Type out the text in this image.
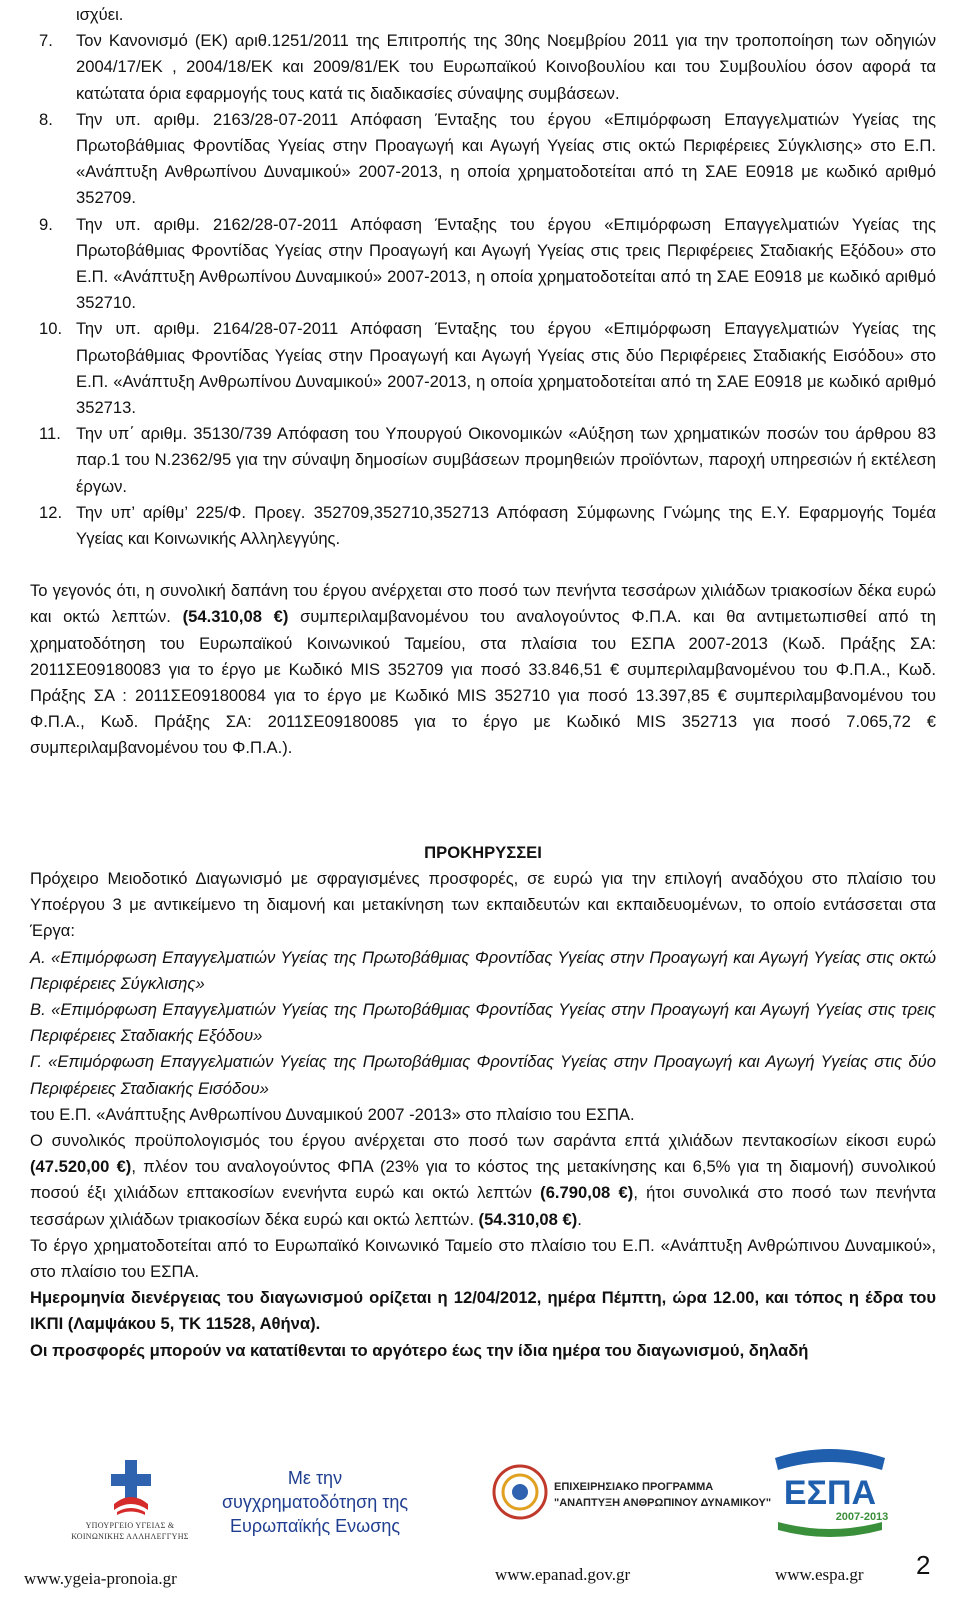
ισχύει.
7. Τον Κανονισμό (ΕΚ) αριθ.1251/2011 της Επιτροπής της 30ης Νοεμβρίου 2011 για την τροποποίηση των οδηγιών 2004/17/ΕΚ , 2004/18/ΕΚ και 2009/81/ΕΚ του Ευρωπαϊκού Κοινοβουλίου και του Συμβουλίου όσον αφορά τα κατώτατα όρια εφαρμογής τους κατά τις διαδικασίες σύναψης συμβάσεων.
8. Την υπ. αριθμ. 2163/28-07-2011 Απόφαση Ένταξης του έργου «Επιμόρφωση Επαγγελματιών Υγείας της Πρωτοβάθμιας Φροντίδας Υγείας στην Προαγωγή και Αγωγή Υγείας στις οκτώ Περιφέρειες Σύγκλισης» στο Ε.Π. «Ανάπτυξη Ανθρωπίνου Δυναμικού» 2007-2013, η οποία χρηματοδοτείται από τη ΣΑΕ Ε0918 με κωδικό αριθμό 352709.
9. Την υπ. αριθμ. 2162/28-07-2011 Απόφαση Ένταξης του έργου «Επιμόρφωση Επαγγελματιών Υγείας της Πρωτοβάθμιας Φροντίδας Υγείας στην Προαγωγή και Αγωγή Υγείας στις τρεις Περιφέρειες Σταδιακής Εξόδου» στο Ε.Π. «Ανάπτυξη Ανθρωπίνου Δυναμικού» 2007-2013, η οποία χρηματοδοτείται από τη ΣΑΕ Ε0918 με κωδικό αριθμό 352710.
10. Την υπ. αριθμ. 2164/28-07-2011 Απόφαση Ένταξης του έργου «Επιμόρφωση Επαγγελματιών Υγείας της Πρωτοβάθμιας Φροντίδας Υγείας στην Προαγωγή και Αγωγή Υγείας στις δύο Περιφέρειες Σταδιακής Εισόδου» στο Ε.Π. «Ανάπτυξη Ανθρωπίνου Δυναμικού» 2007-2013, η οποία χρηματοδοτείται από τη ΣΑΕ Ε0918 με κωδικό αριθμό 352713.
11. Την υπ΄ αριθμ. 35130/739 Απόφαση του Υπουργού Οικονομικών «Αύξηση των χρηματικών ποσών του άρθρου 83 παρ.1 του Ν.2362/95 για την σύναψη δημοσίων συμβάσεων προμηθειών προϊόντων, παροχή υπηρεσιών ή εκτέλεση έργων.
12. Την υπ’ αρίθμ’ 225/Φ. Προεγ. 352709,352710,352713 Απόφαση Σύμφωνης Γνώμης της Ε.Υ. Εφαρμογής Τομέα Υγείας και Κοινωνικής Αλληλεγγύης.

Το γεγονός ότι, η συνολική δαπάνη του έργου ανέρχεται στο ποσό των πενήντα τεσσάρων χιλιάδων τριακοσίων δέκα ευρώ και οκτώ λεπτών. (54.310,08 €) συμπεριλαμβανομένου του αναλογούντος Φ.Π.Α. και θα αντιμετωπισθεί από τη χρηματοδότηση του Ευρωπαϊκού Κοινωνικού Ταμείου, στα πλαίσια του ΕΣΠΑ 2007-2013 (Κωδ. Πράξης ΣΑ: 2011ΣΕ09180083 για το έργο με Κωδικό MIS 352709 για ποσό 33.846,51 € συμπεριλαμβανομένου του Φ.Π.Α., Κωδ. Πράξης ΣΑ : 2011ΣΕ09180084 για το έργο με Κωδικό MIS 352710 για ποσό 13.397,85 € συμπεριλαμβανομένου του Φ.Π.Α., Κωδ. Πράξης ΣΑ: 2011ΣΕ09180085 για το έργο με Κωδικό MIS 352713 για ποσό 7.065,72 € συμπεριλαμβανομένου του Φ.Π.Α.).

ΠΡΟΚΗΡΥΣΣΕΙ

Πρόχειρο Μειοδοτικό Διαγωνισμό με σφραγισμένες προσφορές, σε ευρώ για την επιλογή αναδόχου στο πλαίσιο του Υποέργου 3 με αντικείμενο τη διαμονή και μετακίνηση των εκπαιδευτών και εκπαιδευομένων, το οποίο εντάσσεται στα Έργα:

Α. «Επιμόρφωση Επαγγελματιών Υγείας της Πρωτοβάθμιας Φροντίδας Υγείας στην Προαγωγή και Αγωγή Υγείας στις οκτώ Περιφέρειες Σύγκλισης»

Β. «Επιμόρφωση Επαγγελματιών Υγείας της Πρωτοβάθμιας Φροντίδας Υγείας στην Προαγωγή και Αγωγή Υγείας στις τρεις Περιφέρειες Σταδιακής Εξόδου»

Γ. «Επιμόρφωση Επαγγελματιών Υγείας της Πρωτοβάθμιας Φροντίδας Υγείας στην Προαγωγή και Αγωγή Υγείας στις δύο Περιφέρειες Σταδιακής Εισόδου»

του Ε.Π. «Ανάπτυξης Ανθρωπίνου Δυναμικού 2007 -2013» στο πλαίσιο του ΕΣΠΑ.

Ο συνολικός προϋπολογισμός του έργου ανέρχεται στο ποσό των σαράντα επτά χιλιάδων πεντακοσίων είκοσι ευρώ (47.520,00 €), πλέον του αναλογούντος ΦΠΑ (23% για το κόστος της μετακίνησης και 6,5% για τη διαμονή) συνολικού ποσού έξι χιλιάδων επτακοσίων ενενήντα ευρώ και οκτώ λεπτών (6.790,08 €), ήτοι συνολικά στο ποσό των πενήντα τεσσάρων χιλιάδων τριακοσίων δέκα ευρώ και οκτώ λεπτών. (54.310,08 €).

Το έργο χρηματοδοτείται από το Ευρωπαϊκό Κοινωνικό Ταμείο στο πλαίσιο του Ε.Π. «Ανάπτυξη Ανθρώπινου Δυναμικού», στο πλαίσιο του ΕΣΠΑ.

Ημερομηνία διενέργειας του διαγωνισμού ορίζεται η 12/04/2012, ημέρα Πέμπτη, ώρα 12.00, και τόπος η έδρα του ΙΚΠΙ (Λαμψάκου 5, ΤΚ 11528, Αθήνα).

Οι προσφορές μπορούν να κατατίθενται το αργότερο έως την ίδια ημέρα του διαγωνισμού, δηλαδή

ΥΠΟΥΡΓΕΙΟ ΥΓΕΙΑΣ & ΚΟΙΝΩΝΙΚΗΣ ΑΛΛΗΛΕΓΓΥΗΣ
Με την συγχρηματοδότηση της Ευρωπαϊκής Ενωσης
ΕΠΙΧΕΙΡΗΣΙΑΚΟ ΠΡΟΓΡΑΜΜΑ
"ΑΝΑΠΤΥΞΗ ΑΝΘΡΩΠΙΝΟΥ ΔΥΝΑΜΙΚΟΥ" ΕΣΠΑ
2007-2013
www.ygeia-pronoia.gr	www.epanad.gov.gr	www.espa.gr 2
